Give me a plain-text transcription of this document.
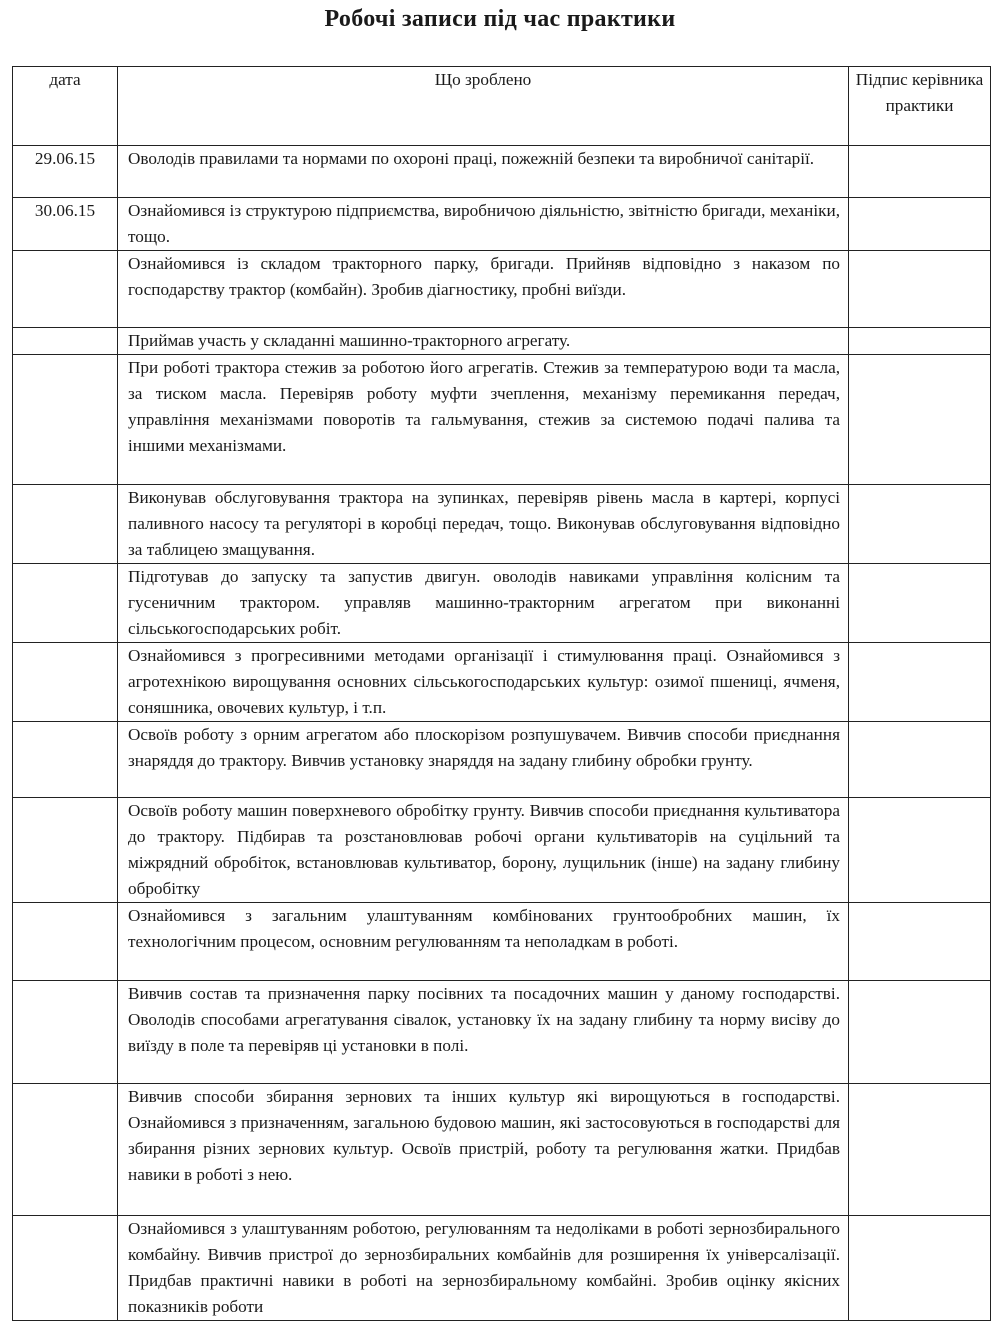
Робочі записи під час практики
дата	Що зроблено	Підпис керівника практики
29.06.15	Оволодів правилами та нормами по охороні праці, пожежній безпеки та виробничої санітарії.	
30.06.15	Ознайомився із структурою підприємства, виробничою діяльністю, звітністю бригади, механіки, тощо.	
	Ознайомився із складом тракторного парку, бригади. Прийняв відповідно з наказом по господарству трактор (комбайн). Зробив діагностику, пробні виїзди.	
	Приймав участь у складанні машинно-тракторного агрегату.	
	При роботі трактора стежив за роботою його агрегатів. Стежив за температурою води та масла, за тиском масла. Перевіряв роботу муфти зчеплення, механізму перемикання передач, управління механізмами поворотів та гальмування, стежив за системою подачі палива та іншими механізмами.	
	Виконував обслуговування трактора на зупинках, перевіряв рівень масла в картері, корпусі паливного насосу та регуляторі в коробці передач, тощо. Виконував обслуговування відповідно за таблицею змащування.	
	Підготував до запуску та запустив двигун. оволодів навиками управління колісним та гусеничним трактором. управляв машинно-тракторним агрегатом при виконанні сільськогосподарських робіт.	
	Ознайомився з прогресивними методами організації і стимулювання праці. Ознайомився з агротехнікою вирощування основних сільськогосподарських культур: озимої пшениці, ячменя, соняшника, овочевих культур, і т.п.	
	Освоїв роботу з орним агрегатом або плоскорізом розпушувачем. Вивчив способи приєднання знаряддя до трактору. Вивчив установку знаряддя на задану глибину обробки грунту.	
	Освоїв роботу машин поверхневого обробітку грунту. Вивчив способи приєднання культиватора до трактору. Підбирав та розстановлював робочі органи культиваторів на суцільний та міжрядний обробіток, встановлював культиватор, борону, лущильник (інше) на задану глибину обробітку	
	Ознайомився з загальним улаштуванням комбінованих грунтообробних машин, їх технологічним процесом, основним регулюванням та неполадкам в роботі.	
	Вивчив состав та призначення парку посівних та посадочних машин у даному господарстві. Оволодів способами агрегатування сівалок, установку їх на задану глибину та норму висіву до виїзду в поле та перевіряв ці установки в полі.	
	Вивчив способи збирання зернових та інших культур які вирощуються в господарстві. Ознайомився з призначенням, загальною будовою машин, які застосовуються в господарстві для збирання різних зернових культур. Освоїв пристрій, роботу та регулювання жатки. Придбав навики в роботі з нею.	
	Ознайомився з улаштуванням роботою, регулюванням та недоліками в роботі зернозбирального комбайну. Вивчив пристрої до зернозбиральних комбайнів для розширення їх універсалізації. Придбав практичні навики в роботі на зернозбиральному комбайні. Зробив оцінку якісних показників роботи	
